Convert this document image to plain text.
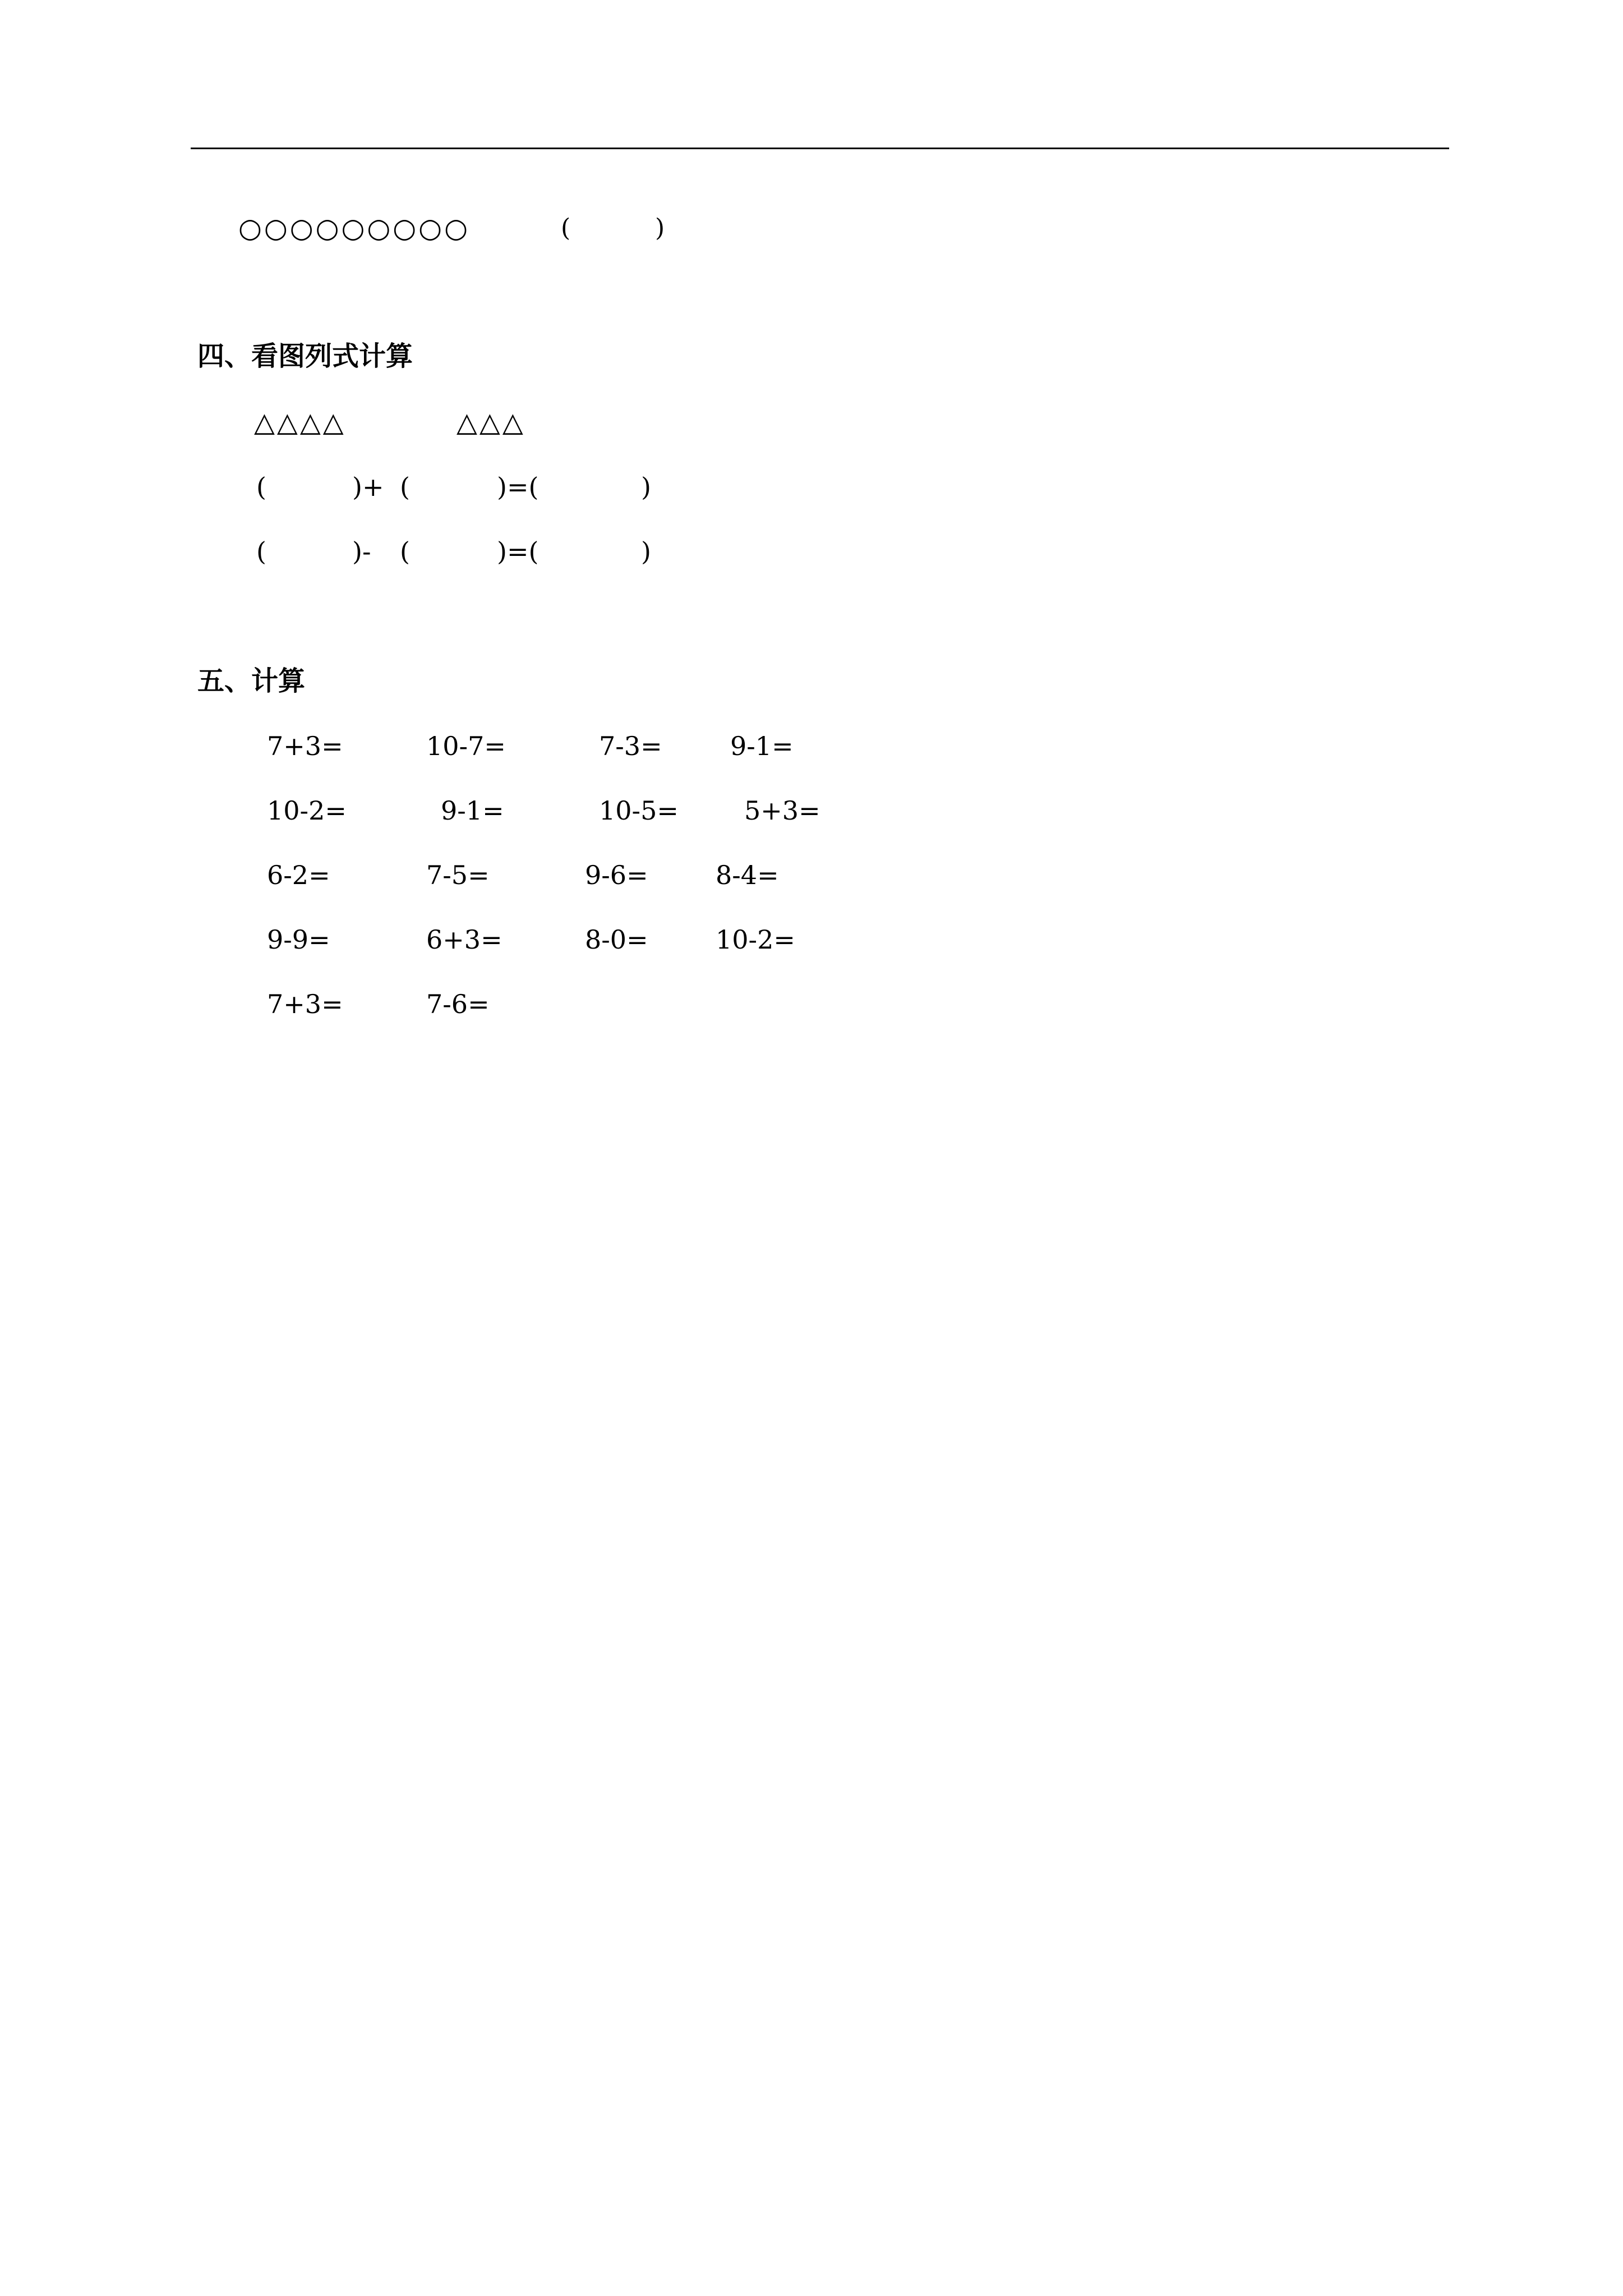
○○○○○○○○○	(	)
四、看图列式计算
△△△△	△△△
(	)+ (	)=(	)
(	)- (	)=(	)
五、计算
7+3=	10-7=	7-3=	9-1=
10-2=	9-1=	10-5=	5+3=
6-2=	7-5=	9-6=	8-4=
9-9=	6+3=	8-0=	10-2=
7+3=	7-6=
